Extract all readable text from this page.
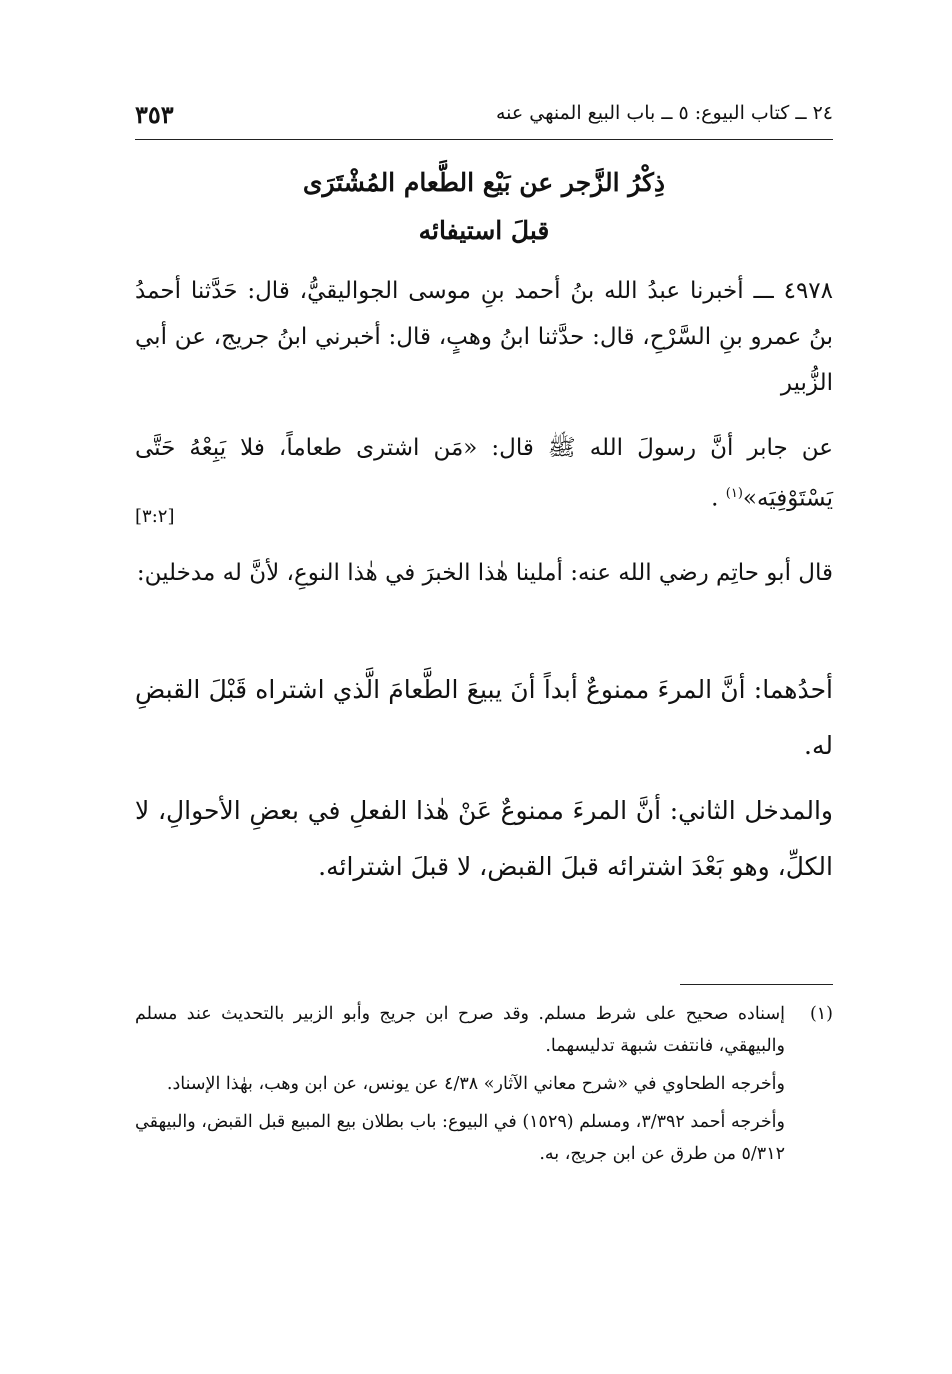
٢٤ ــ كتاب البيوع: ٥ ــ باب البيع المنهي عنه
٣٥٣
ذِكْرُ الزَّجر عن بَيْع الطَّعام المُشْتَرَى
قبلَ استيفائه
٤٩٧٨ ـــ أخبرنا عبدُ الله بنُ أحمد بنِ موسى الجواليقيُّ، قال: حَدَّثنا أحمدُ بنُ عمرو بنِ السَّرْحِ، قال: حدَّثنا ابنُ وهبٍ، قال: أخبرني ابنُ جريج، عن أبي الزُّبير
عن جابر أنَّ رسولَ الله ﷺ قال: «مَن اشترى طعاماً، فلا يَبِعْهُ حَتَّى يَسْتَوْفِيَه»$^{(١)}$ .
[٣:٢]
قال أبو حاتِم رضي الله عنه: أملينا هٰذا الخبرَ في هٰذا النوعِ، لأنَّ له مدخلين:
أحدُهما: أنَّ المرءَ ممنوعٌ أبداً أنَ يبيعَ الطَّعامَ الَّذي اشتراه قَبْلَ القبضِ له.
والمدخل الثاني: أنَّ المرءَ ممنوعٌ عَنْ هٰذا الفعلِ في بعضِ الأحوالِ، لا الكلِّ، وهو بَعْدَ اشترائه قبلَ القبض، لا قبلَ اشترائه.

(١)
إسناده صحيح على شرط مسلم. وقد صرح ابن جريج وأبو الزبير بالتحديث عند مسلم والبيهقي، فانتفت شبهة تدليسهما.

وأخرجه الطحاوي في «شرح معاني الآثار» ٤/٣٨ عن يونس، عن ابن وهب، بهٰذا الإسناد.

وأخرجه أحمد ٣/٣٩٢، ومسلم (١٥٢٩) في البيوع: باب بطلان بيع المبيع قبل القبض، والبيهقي ٥/٣١٢ من طرق عن ابن جريج، به.
